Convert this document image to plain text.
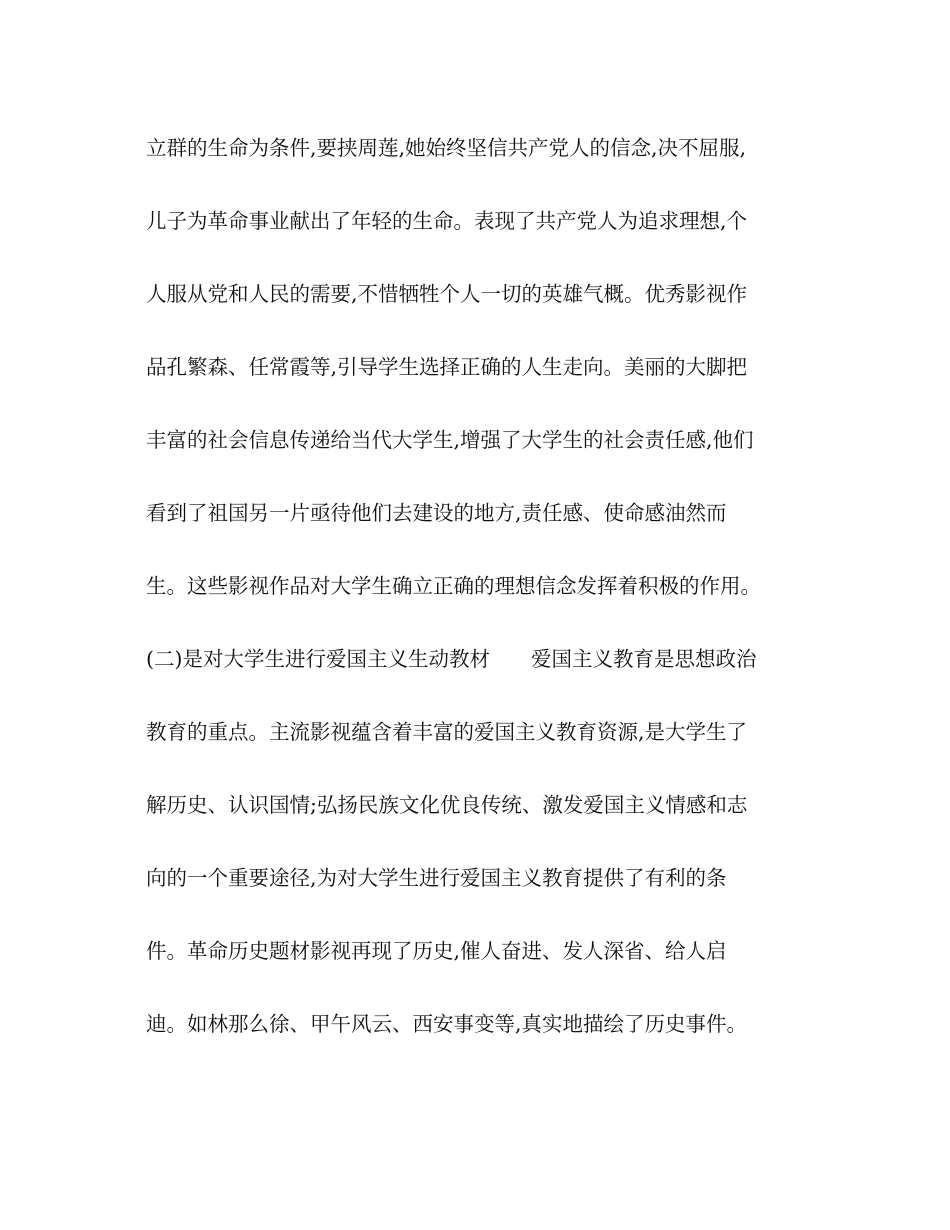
立群的生命为条件,要挟周莲,她始终坚信共产党人的信念,决不屈服,
儿子为革命事业献出了年轻的生命。表现了共产党人为追求理想,个
人服从党和人民的需要,不惜牺牲个人一切的英雄气概。优秀影视作
品孔繁森、任常霞等,引导学生选择正确的人生走向。美丽的大脚把
丰富的社会信息传递给当代大学生,增强了大学生的社会责任感,他们
看到了祖国另一片亟待他们去建设的地方,责任感、使命感油然而
生。这些影视作品对大学生确立正确的理想信念发挥着积极的作用。
(二)是对大学生进行爱国主义生动教材　　爱国主义教育是思想政治
教育的重点。主流影视蕴含着丰富的爱国主义教育资源,是大学生了
解历史、认识国情;弘扬民族文化优良传统、激发爱国主义情感和志
向的一个重要途径,为对大学生进行爱国主义教育提供了有利的条
件。革命历史题材影视再现了历史,催人奋进、发人深省、给人启
迪。如林那么徐、甲午风云、西安事变等,真实地描绘了历史事件。
